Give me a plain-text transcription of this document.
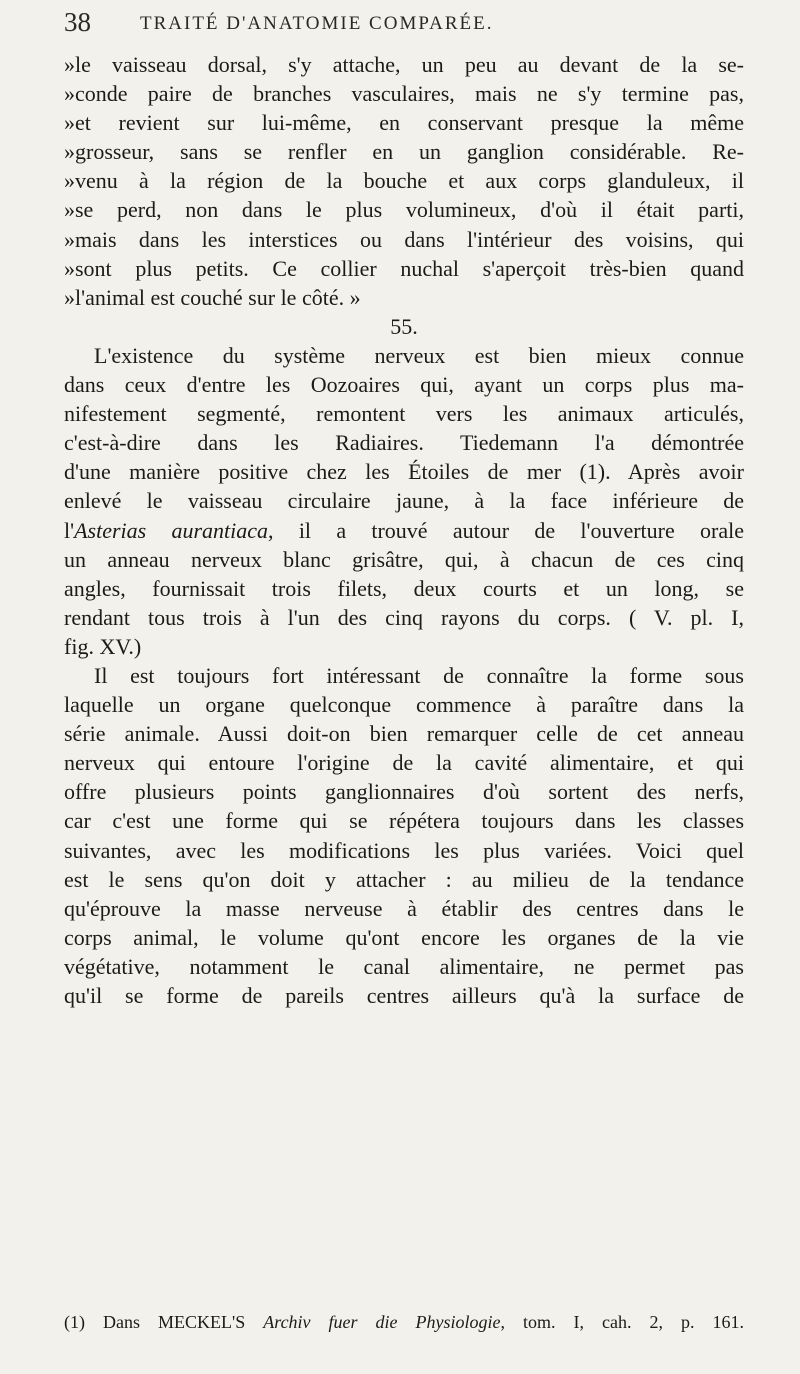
38	TRAITÉ D'ANATOMIE COMPARÉE.
»le vaisseau dorsal, s'y attache, un peu au devant de la se-
»conde paire de branches vasculaires, mais ne s'y termine pas,
»et revient sur lui-même, en conservant presque la même
»grosseur, sans se renfler en un ganglion considérable. Re-
»venu à la région de la bouche et aux corps glanduleux, il
»se perd, non dans le plus volumineux, d'où il était parti,
»mais dans les interstices ou dans l'intérieur des voisins, qui
»sont plus petits. Ce collier nuchal s'aperçoit très-bien quand
»l'animal est couché sur le côté. »
55.
L'existence du système nerveux est bien mieux connue
dans ceux d'entre les Oozoaires qui, ayant un corps plus ma-
nifestement segmenté, remontent vers les animaux articulés,
c'est-à-dire dans les Radiaires. Tiedemann l'a démontrée
d'une manière positive chez les Étoiles de mer (1). Après avoir
enlevé le vaisseau circulaire jaune, à la face inférieure de
l'Asterias aurantiaca, il a trouvé autour de l'ouverture orale
un anneau nerveux blanc grisâtre, qui, à chacun de ces cinq
angles, fournissait trois filets, deux courts et un long, se
rendant tous trois à l'un des cinq rayons du corps. ( V. pl. I,
fig. XV.)
Il est toujours fort intéressant de connaître la forme sous
laquelle un organe quelconque commence à paraître dans la
série animale. Aussi doit-on bien remarquer celle de cet anneau
nerveux qui entoure l'origine de la cavité alimentaire, et qui
offre plusieurs points ganglionnaires d'où sortent des nerfs,
car c'est une forme qui se répétera toujours dans les classes
suivantes, avec les modifications les plus variées. Voici quel
est le sens qu'on doit y attacher : au milieu de la tendance
qu'éprouve la masse nerveuse à établir des centres dans le
corps animal, le volume qu'ont encore les organes de la vie
végétative, notamment le canal alimentaire, ne permet pas
qu'il se forme de pareils centres ailleurs qu'à la surface de
(1) Dans MECKEL'S Archiv fuer die Physiologie, tom. I, cah. 2, p. 161.
